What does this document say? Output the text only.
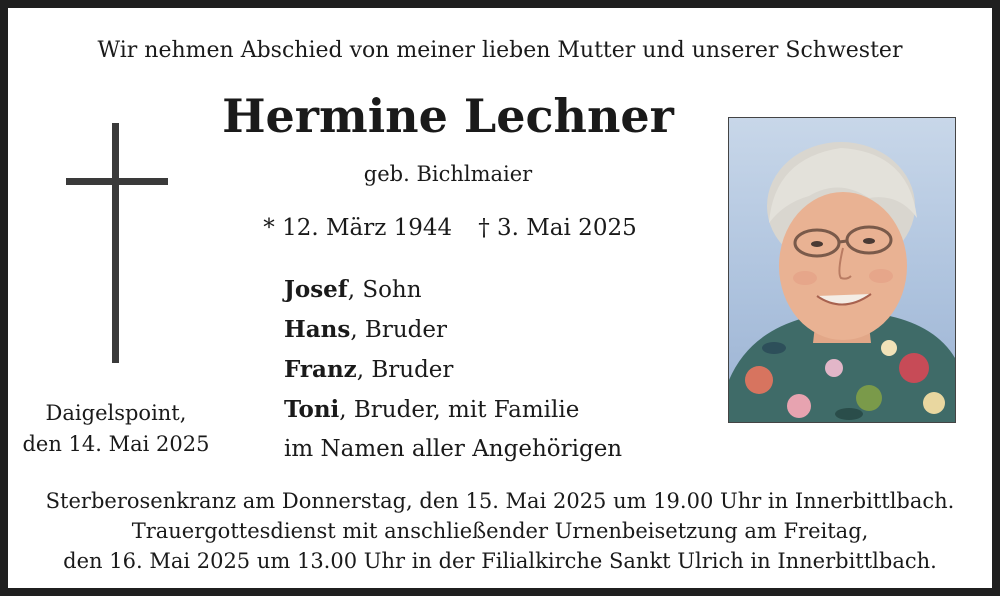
Wir nehmen Abschied von meiner lieben Mutter und unserer Schwester
Hermine Lechner
geb. Bichlmaier
* 12. März 1944 † 3. Mai 2025
Daigelspoint,
den 14. Mai 2025
Josef, Sohn
Hans, Bruder
Franz, Bruder
Toni, Bruder, mit Familie
im Namen aller Angehörigen
Sterberosenkranz am Donnerstag, den 15. Mai 2025 um 19.00 Uhr in Innerbittlbach.
Trauergottesdienst mit anschließender Urnenbeisetzung am Freitag,
den 16. Mai 2025 um 13.00 Uhr in der Filialkirche Sankt Ulrich in Innerbittlbach.
